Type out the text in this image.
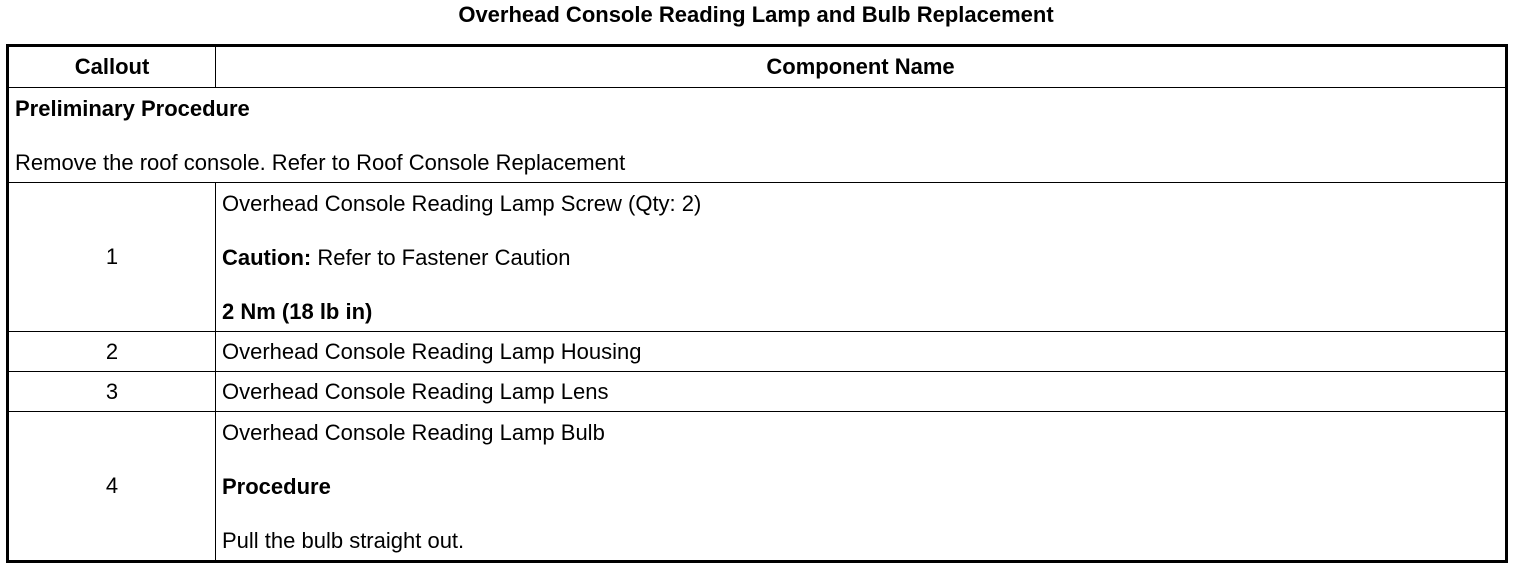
Overhead Console Reading Lamp and Bulb Replacement
Callout	Component Name

Preliminary Procedure
Remove the roof console. Refer to Roof Console Replacement	

1	Overhead Console Reading Lamp Screw (Qty: 2)

Caution: Refer to Fastener Caution

2 Nm (18 lb in)

2	Overhead Console Reading Lamp Housing
3	Overhead Console Reading Lamp Lens
4	Overhead Console Reading Lamp Bulb

Procedure

Pull the bulb straight out.
